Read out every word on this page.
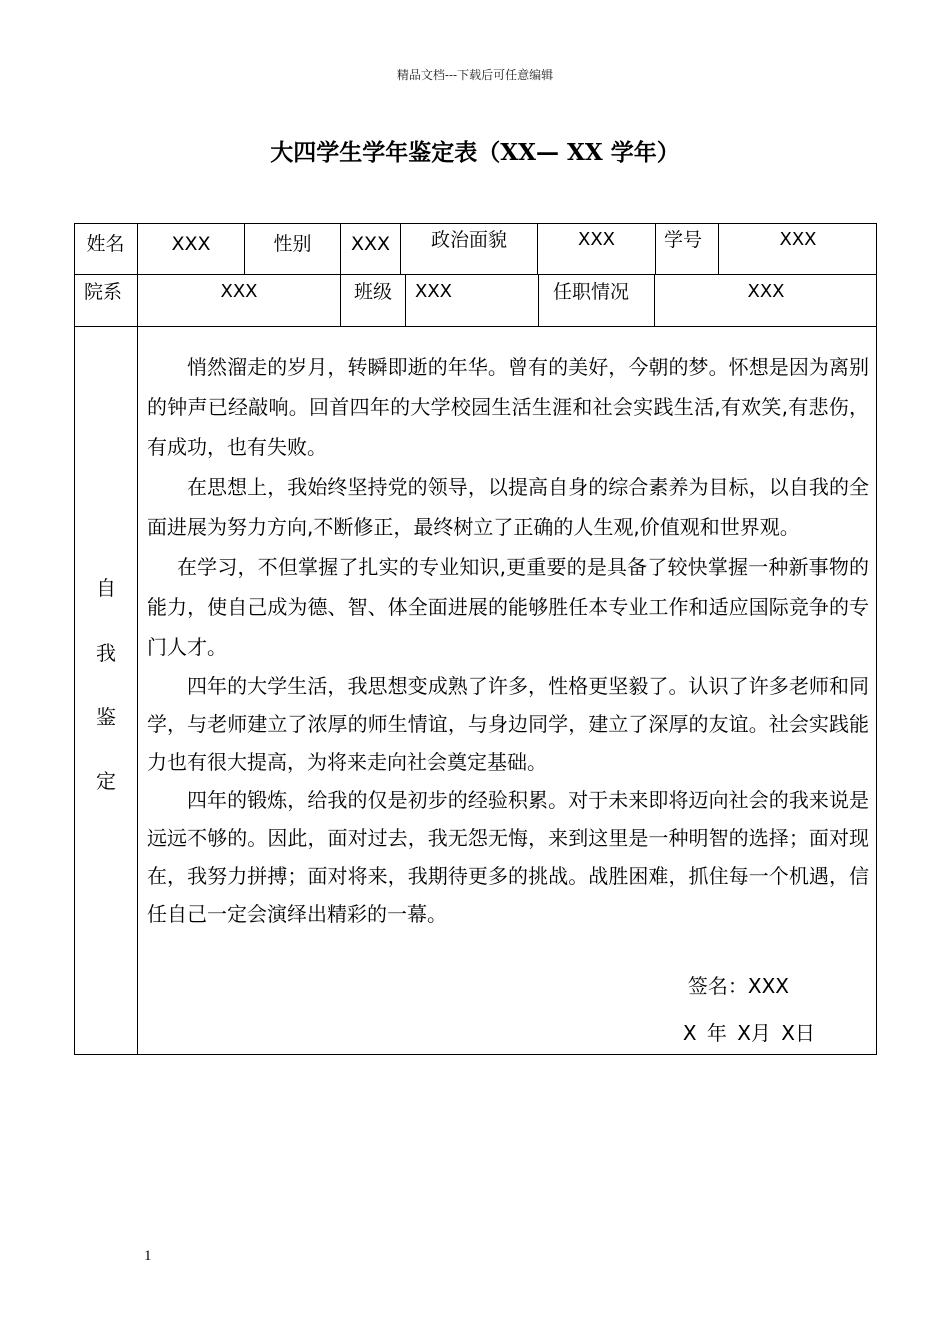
精品文档---下载后可任意编辑
大四学生学年鉴定表（XX— XX 学年）
姓名	XXX	性别	XXX	政治面貌	XXX	学号	XXX
院系	XXX	班级	XXX	任职情况	XXX
自
我
鉴
定

悄然溜走的岁月，转瞬即逝的年华。曾有的美好，今朝的梦。怀想是因为离别的钟声已经敲响。回首四年的大学校园生活生涯和社会实践生活,有欢笑,有悲伤，有成功，也有失败。

在思想上，我始终坚持党的领导，以提高自身的综合素养为目标，以自我的全面进展为努力方向,不断修正，最终树立了正确的人生观,价值观和世界观。

在学习，不但掌握了扎实的专业知识,更重要的是具备了较快掌握一种新事物的能力，使自己成为德、智、体全面进展的能够胜任本专业工作和适应国际竞争的专门人才。

四年的大学生活，我思想变成熟了许多，性格更坚毅了。认识了许多老师和同学，与老师建立了浓厚的师生情谊，与身边同学，建立了深厚的友谊。社会实践能力也有很大提高，为将来走向社会奠定基础。

四年的锻炼，给我的仅是初步的经验积累。对于未来即将迈向社会的我来说是远远不够的。因此，面对过去，我无怨无悔，来到这里是一种明智的选择；面对现在，我努力拼搏；面对将来，我期待更多的挑战。战胜困难，抓住每一个机遇，信任自己一定会演绎出精彩的一幕。

签名：XXX
X 年 X月 X日
1
